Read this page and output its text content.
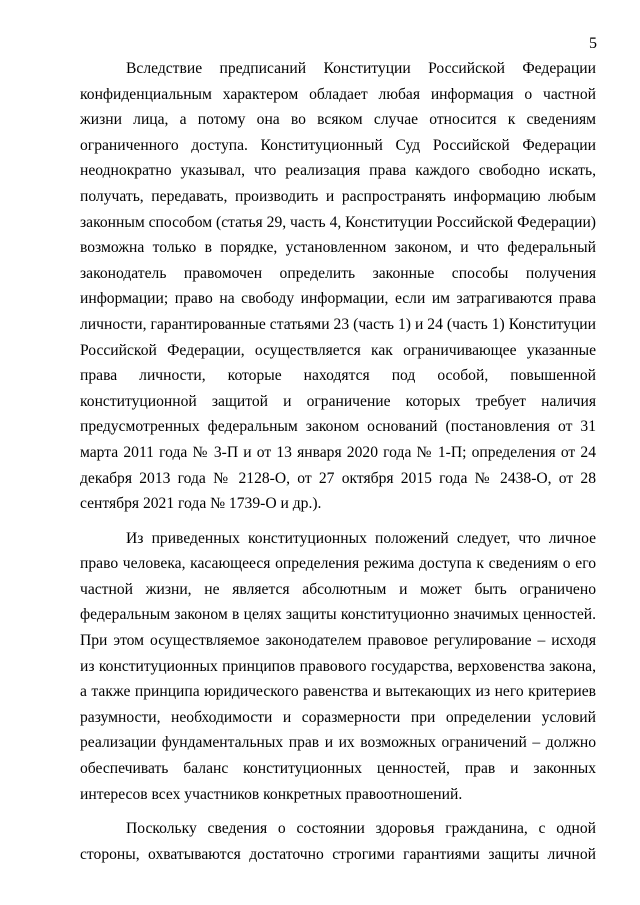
5
Вследствие предписаний Конституции Российской Федерации
конфиденциальным характером обладает любая информация о частной
жизни лица, а потому она во всяком случае относится к сведениям
ограниченного доступа. Конституционный Суд Российской Федерации
неоднократно указывал, что реализация права каждого свободно искать,
получать, передавать, производить и распространять информацию любым
законным способом (статья 29, часть 4, Конституции Российской Федерации)
возможна только в порядке, установленном законом, и что федеральный
законодатель правомочен определить законные способы получения
информации; право на свободу информации, если им затрагиваются права
личности, гарантированные статьями 23 (часть 1) и 24 (часть 1) Конституции
Российской Федерации, осуществляется как ограничивающее указанные
права личности, которые находятся под особой, повышенной
конституционной защитой и ограничение которых требует наличия
предусмотренных федеральным законом оснований (постановления от 31
марта 2011 года № 3-П и от 13 января 2020 года № 1-П; определения от 24
декабря 2013 года № 2128-О, от 27 октября 2015 года № 2438-О, от 28
сентября 2021 года № 1739-О и др.).
Из приведенных конституционных положений следует, что личное
право человека, касающееся определения режима доступа к сведениям о его
частной жизни, не является абсолютным и может быть ограничено
федеральным законом в целях защиты конституционно значимых ценностей.
При этом осуществляемое законодателем правовое регулирование – исходя
из конституционных принципов правового государства, верховенства закона,
а также принципа юридического равенства и вытекающих из него критериев
разумности, необходимости и соразмерности при определении условий
реализации фундаментальных прав и их возможных ограничений – должно
обеспечивать баланс конституционных ценностей, прав и законных
интересов всех участников конкретных правоотношений.
Поскольку сведения о состоянии здоровья гражданина, с одной
стороны, охватываются достаточно строгими гарантиями защиты личной
